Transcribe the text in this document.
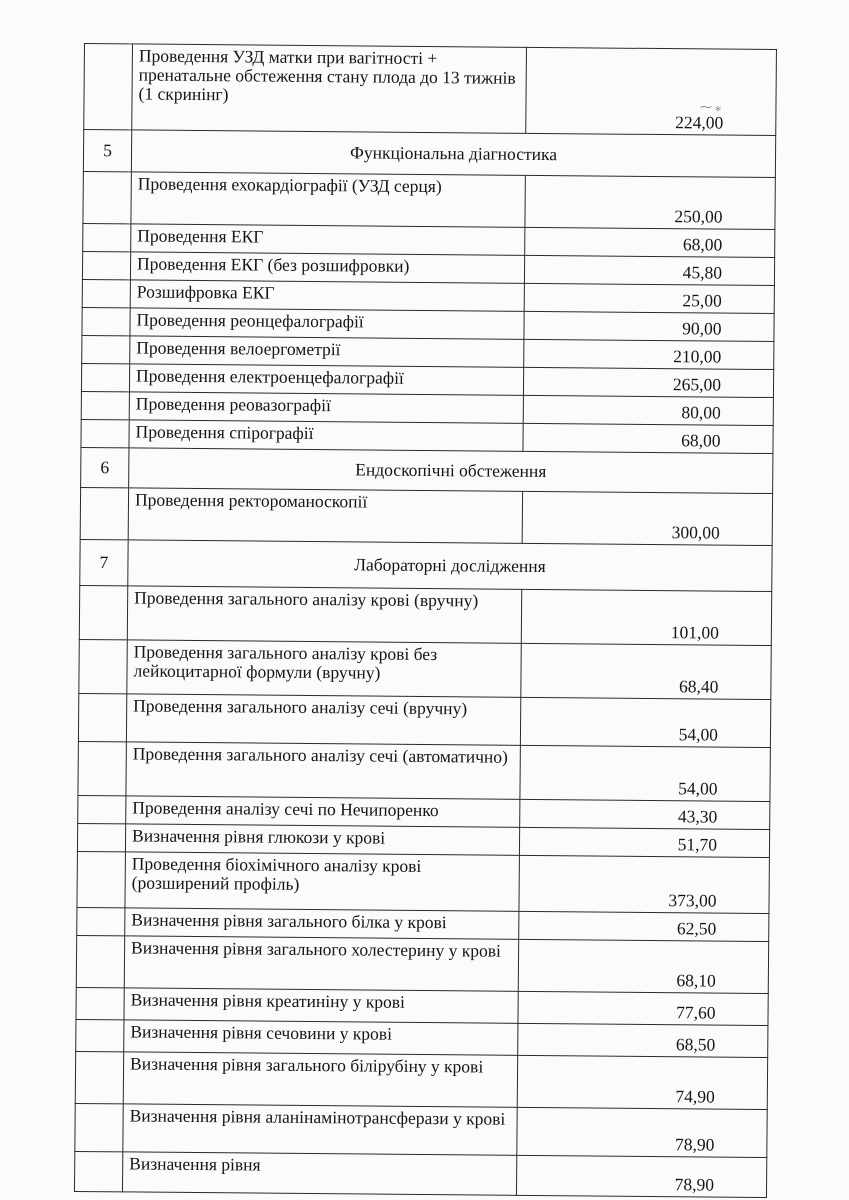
	Проведення УЗД матки при вагітності + пренатальне обстеження стану плода до 13 тижнів (1 скринінг)	224,00
5	Функціональна діагностика	
	Проведення ехокардіографії (УЗД серця)	250,00
	Проведення ЕКГ	68,00
	Проведення ЕКГ (без розшифровки)	45,80
	Розшифровка ЕКГ	25,00
	Проведення реонцефалографії	90,00
	Проведення велоергометрії	210,00
	Проведення електроенцефалографії	265,00
	Проведення реовазографії	80,00
	Проведення спірографії	68,00
6	Ендоскопічні обстеження	
	Проведення ректороманоскопії	300,00
7	Лабораторні дослідження	
	Проведення загального аналізу крові (вручну)	101,00
	Проведення загального аналізу крові без лейкоцитарної формули (вручну)	68,40
	Проведення загального аналізу сечі (вручну)	54,00
	Проведення загального аналізу сечі (автоматично)	54,00
	Проведення аналізу сечі по Нечипоренко	43,30
	Визначення рівня глюкози у крові	51,70
	Проведення біохімічного аналізу крові (розширений профіль)	373,00
	Визначення рівня загального білка у крові	62,50
	Визначення рівня загального холестерину у крові	68,10
	Визначення рівня креатиніну у крові	77,60
	Визначення рівня сечовини у крові	68,50
	Визначення рівня загального білірубіну у крові	74,90
	Визначення рівня аланінамінотрансферази у крові	78,90
	Визначення рівня	78,90
⁓ ⁎
